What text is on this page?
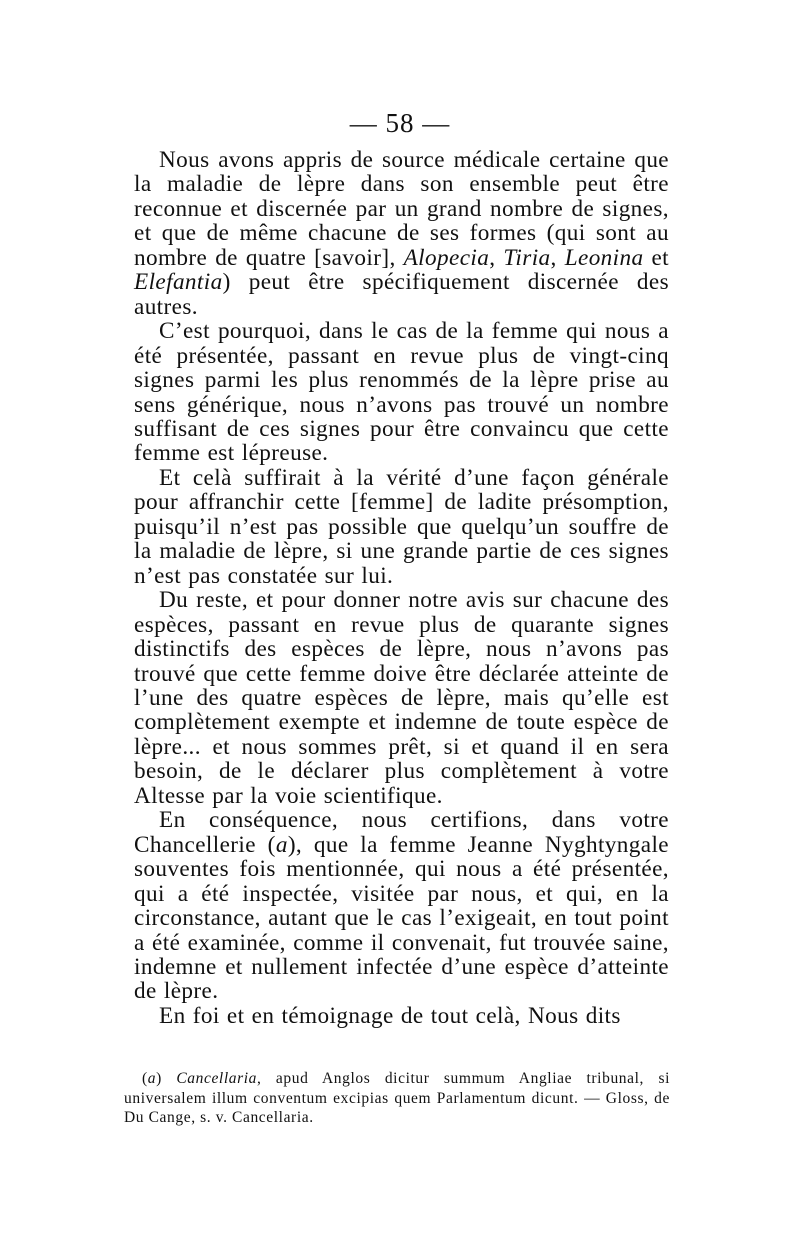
— 58 —

Nous avons appris de source médicale certaine que la maladie de lèpre dans son ensemble peut être reconnue et discernée par un grand nombre de signes, et que de même chacune de ses formes (qui sont au nombre de quatre [savoir], Alopecia, Tiria, Leonina et Elefantia) peut être spécifiquement discernée des autres.

C’est pourquoi, dans le cas de la femme qui nous a été présentée, passant en revue plus de vingt-cinq signes parmi les plus renommés de la lèpre prise au sens générique, nous n’avons pas trouvé un nombre suffisant de ces signes pour être convaincu que cette femme est lépreuse.

Et celà suffirait à la vérité d’une façon générale pour affranchir cette [femme] de ladite présomption, puisqu’il n’est pas possible que quelqu’un souffre de la maladie de lèpre, si une grande partie de ces signes n’est pas constatée sur lui.

Du reste, et pour donner notre avis sur chacune des espèces, passant en revue plus de quarante signes distinctifs des espèces de lèpre, nous n’avons pas trouvé que cette femme doive être déclarée atteinte de l’une des quatre espèces de lèpre, mais qu’elle est complètement exempte et indemne de toute espèce de lèpre... et nous sommes prêt, si et quand il en sera besoin, de le déclarer plus complètement à votre Altesse par la voie scientifique.

En conséquence, nous certifions, dans votre Chancellerie (a), que la femme Jeanne Nyghtyngale souventes fois mentionnée, qui nous a été présentée, qui a été inspectée, visitée par nous, et qui, en la circonstance, autant que le cas l’exigeait, en tout point a été examinée, comme il convenait, fut trouvée saine, indemne et nullement infectée d’une espèce d’atteinte de lèpre.

En foi et en témoignage de tout celà, Nous dits

(a) Cancellaria, apud Anglos dicitur summum Angliae tribunal, si universalem illum conventum excipias quem Parlamentum dicunt. — Gloss, de Du Cange, s. v. Cancellaria.
